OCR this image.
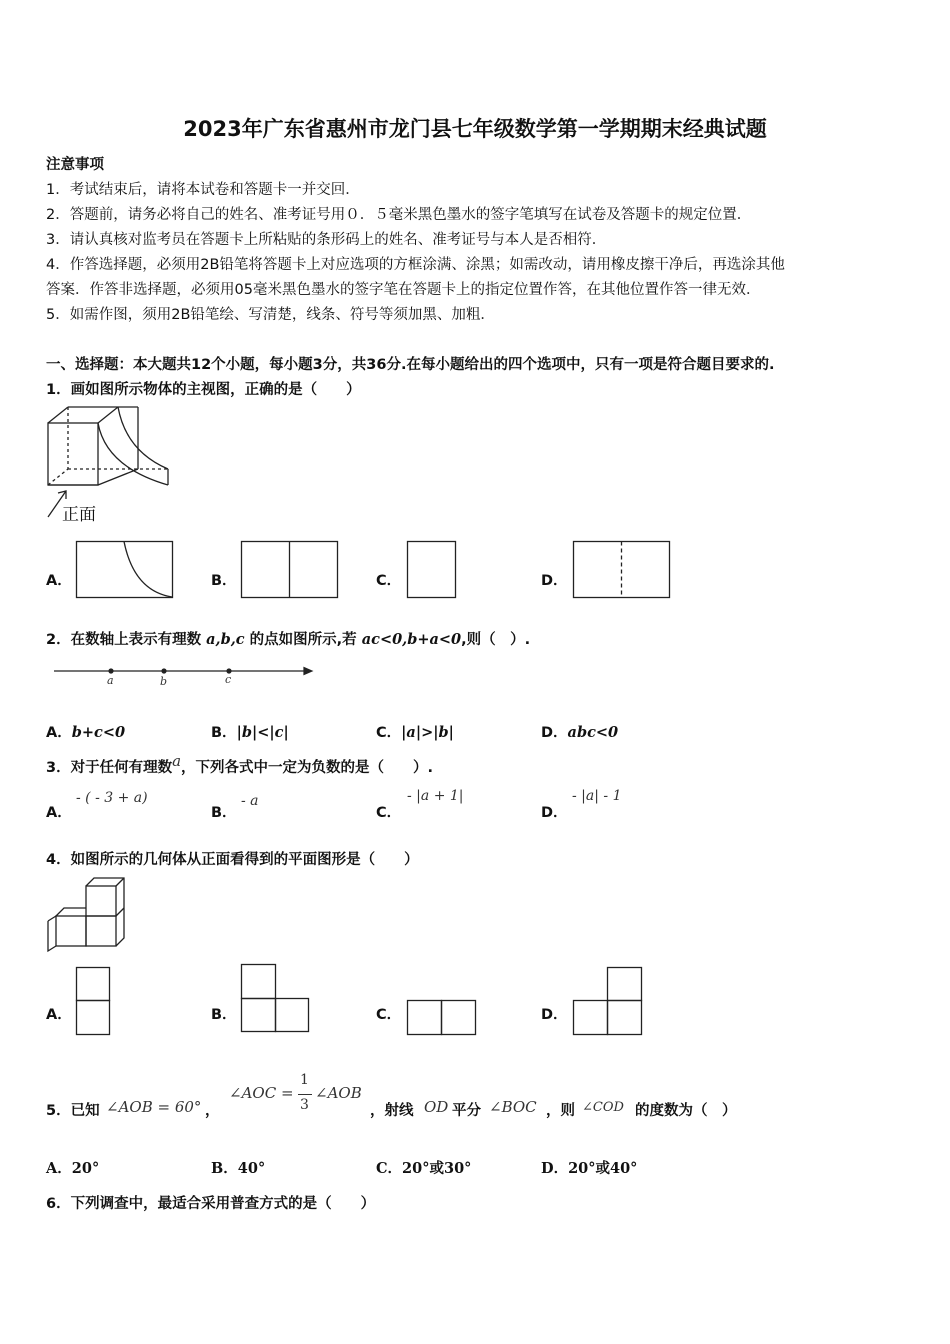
2023年广东省惠州市龙门县七年级数学第一学期期末经典试题
注意事项
1．考试结束后，请将本试卷和答题卡一并交回．
2．答题前，请务必将自己的姓名、准考证号用０．５毫米黑色墨水的签字笔填写在试卷及答题卡的规定位置．
3．请认真核对监考员在答题卡上所粘贴的条形码上的姓名、准考证号与本人是否相符．
4．作答选择题，必须用2B铅笔将答题卡上对应选项的方框涂满、涂黑；如需改动，请用橡皮擦干净后，再选涂其他
答案．作答非选择题，必须用05毫米黑色墨水的签字笔在答题卡上的指定位置作答，在其他位置作答一律无效．
5．如需作图，须用2B铅笔绘、写清楚，线条、符号等须加黑、加粗．
一、选择题：本大题共12个小题，每小题3分，共36分.在每小题给出的四个选项中，只有一项是符合题目要求的.
1．画如图所示物体的主视图，正确的是（　　）
正面
A．	B．	C．	D．
2．在数轴上表示有理数 a,b,c 的点如图所示,若 ac<0,b+a<0,则（　）.
a	b	c
A．b+c<0	B．|b|<|c|	C．|a|>|b|	D．abc<0
3．对于任何有理数a，下列各式中一定为负数的是（　　）.
A．
- ( - 3 + a)
B．
- a
C．
- |a + 1|
D．
- |a| - 1
4．如图所示的几何体从正面看得到的平面图形是（　　）
A．	B．	C．	D．
5．已知 ∠AOB = 60° ，
∠AOC =
1
3
∠AOB
，射线 OD 平分 ∠BOC ，则 ∠COD 的度数为（　）
A．20°	B．40°	C．20°或30°	D．20°或40°
6．下列调查中，最适合采用普查方式的是（　　）
